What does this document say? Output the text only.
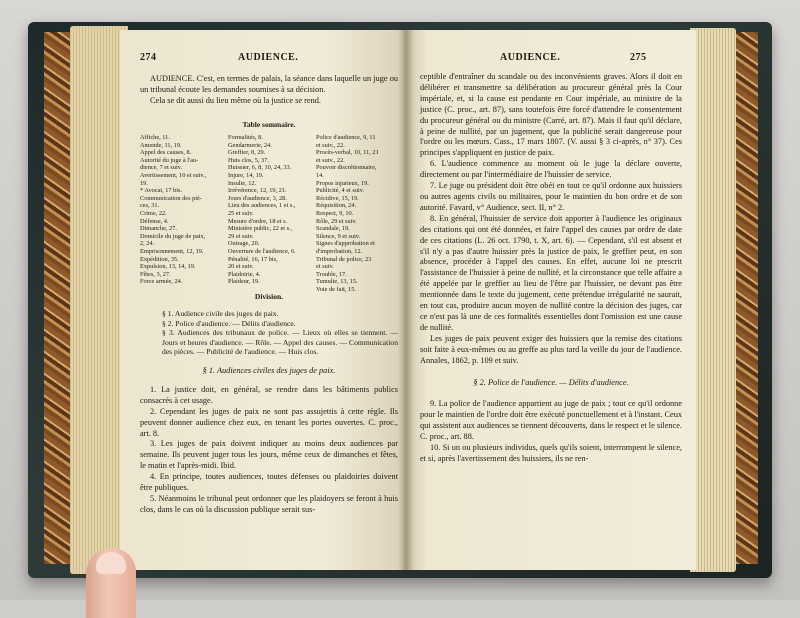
274	AUDIENCE.

AUDIENCE. C'est, en termes de palais, la séance dans laquelle un juge ou un tribunal écoute les demandes soumises à sa décision.

Cela se dit aussi du lieu même où la justice se rend.

Table sommaire.

Affiche, 11.
Amende, 11, 19.
Appel des causes, 8.
Autorité du juge à l'au-
dience, 7 et suiv.
Avertissement, 10 et suiv.,
19.
* Avocat, 17 bis.
Communication des piè-
ces, 31.
Crime, 22.
Défense, 4.
Dimanche, 27.
Domicile du juge de paix,
2, 24.
Emprisonnement, 12, 19.
Expédition, 35.
Expulsion, 13, 14, 19.
Fêtes, 3, 27.
Force armée, 24.
Formalités, 8.
Gendarmerie, 24.
Greffier, 8, 29.
Huis clos, 5, 37.
Huissier, 6, 8, 10, 24, 33.
Injure, 14, 19.
Insulte, 12.
Irrévérence, 12, 19, 21.
Jours d'audience, 3, 28.
Lieu des audiences, 1 et s.,
25 et suiv.
Mesure d'ordre, 18 et s.
Ministère public, 22 et s.,
29 et suiv.
Outrage, 20.
Ouverture de l'audience, 6.
Pénalité, 16, 17 bis,
20 et suiv.
Plaidoirie, 4.
Plaideur, 19.
Police d'audience, 9, 11
et suiv., 22.
Procès-verbal, 10, 11, 21
et suiv., 22.
Pouvoir discrétionnaire,
14.
Propos injurieux, 19.
Publicité, 4 et suiv.
Récidive, 15, 19.
Réquisition, 24.
Respect, 9, 10.
Rôle, 29 et suiv.
Scandale, 19.
Silence, 9 et suiv.
Signes d'approbation et
d'improbation, 12.
Tribunal de police, 23
et suiv.
Trouble, 17.
Tumulte, 13, 15.
Voie de fait, 15.

Division.

§ 1. Audience civile des juges de paix.

§ 2. Police d'audience. — Délits d'audience.

§ 3. Audiences des tribunaux de police. — Lieux où elles se tiennent. — Jours et heures d'audience. — Rôle. — Appel des causes. — Communication des pièces. — Publicité de l'audience. — Huis clos.

§ 1. Audiences civiles des juges de paix.

1. La justice doit, en général, se rendre dans les bâtiments publics consacrés à cet usage.

2. Cependant les juges de paix ne sont pas assujettis à cette règle. Ils peuvent donner audience chez eux, en tenant les portes ouvertes. C. proc., art. 8.

3. Les juges de paix doivent indiquer au moins deux audiences par semaine. Ils peuvent juger tous les jours, même ceux de dimanches et fêtes, le matin et l'après-midi. Ibid.

4. En principe, toutes audiences, toutes défenses ou plaidoiries doivent être publiques.

5. Néanmoins le tribunal peut ordonner que les plaidoyers se feront à huis clos, dans le cas où la discussion publique serait sus-

AUDIENCE.	275

ceptible d'entraîner du scandale ou des inconvénients graves. Alors il doit en délibérer et transmettre sa délibération au procureur général près la Cour impériale, et, si la cause est pendante en Cour impériale, au ministre de la justice (C. proc., art. 87), sans toutefois être forcé d'attendre le consentement du procureur général ou du ministre (Carré, art. 87). Mais il faut qu'il déclare, à peine de nullité, par un jugement, que la publicité serait dangereuse pour l'ordre ou les mœurs. Cass., 17 mars 1807. (V. aussi § 3 ci-après, n° 37). Ces principes s'appliquent en justice de paix.

6. L'audience commence au moment où le juge la déclare ouverte, directement ou par l'intermédiaire de l'huissier de service.

7. Le juge ou président doit être obéi en tout ce qu'il ordonne aux huissiers ou autres agents civils ou militaires, pour le maintien du bon ordre et de son autorité. Favard, v° Audience, sect. II, n° 2.

8. En général, l'huissier de service doit apporter à l'audience les originaux des citations qui ont été données, et faire l'appel des causes par ordre de date de ces citations (L. 26 oct. 1790, t. X, art. 6). — Cependant, s'il est absent et s'il n'y a pas d'autre huissier près la justice de paix, le greffier peut, en son absence, procéder à l'appel des causes. En effet, aucune loi ne prescrit l'assistance de l'huissier à peine de nullité, et la circonstance que telle affaire a été appelée par le greffier au lieu de l'être par l'huissier, ne devant pas être mentionnée dans le texte du jugement, cette prétendue irrégularité ne saurait, en tout cas, produire aucun moyen de nullité contre la décision des juges, car ce n'est pas là une de ces formalités essentielles dont l'omission est une cause de nullité.

Les juges de paix peuvent exiger des huissiers que la remise des citations soit faite à eux-mêmes ou au greffe au plus tard la veille du jour de l'audience. Annales, 1862, p. 109 et suiv.

§ 2. Police de l'audience. — Délits d'audience.

9. La police de l'audience appartient au juge de paix ; tout ce qu'il ordonne pour le maintien de l'ordre doit être exécuté ponctuellement et à l'instant. Ceux qui assistent aux audiences se tiennent découverts, dans le respect et le silence. C. proc., art. 88.

10. Si un ou plusieurs individus, quels qu'ils soient, interrompent le silence, et si, après l'avertissement des huissiers, ils ne ren-
